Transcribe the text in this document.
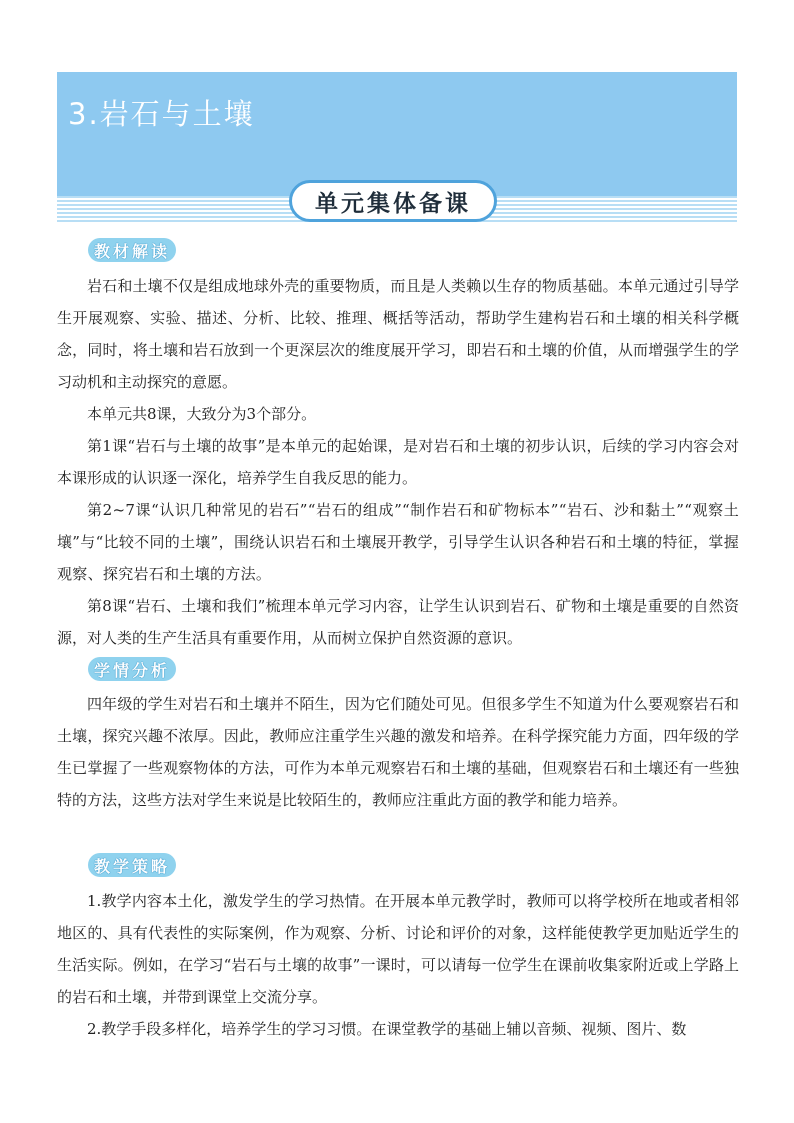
3.岩石与土壤
单元集体备课
教材解读
岩石和土壤不仅是组成地球外壳的重要物质，而且是人类赖以生存的物质基础。本单元通过引导学生开展观察、实验、描述、分析、比较、推理、概括等活动，帮助学生建构岩石和土壤的相关科学概念，同时，将土壤和岩石放到一个更深层次的维度展开学习，即岩石和土壤的价值，从而增强学生的学习动机和主动探究的意愿。
本单元共8课，大致分为3个部分。
第1课“岩石与土壤的故事”是本单元的起始课，是对岩石和土壤的初步认识，后续的学习内容会对本课形成的认识逐一深化，培养学生自我反思的能力。
第2~7课“认识几种常见的岩石”“岩石的组成”“制作岩石和矿物标本”“岩石、沙和黏土”“观察土壤”与“比较不同的土壤”，围绕认识岩石和土壤展开教学，引导学生认识各种岩石和土壤的特征，掌握观察、探究岩石和土壤的方法。
第8课“岩石、土壤和我们”梳理本单元学习内容，让学生认识到岩石、矿物和土壤是重要的自然资源，对人类的生产生活具有重要作用，从而树立保护自然资源的意识。
学情分析
四年级的学生对岩石和土壤并不陌生，因为它们随处可见。但很多学生不知道为什么要观察岩石和土壤，探究兴趣不浓厚。因此，教师应注重学生兴趣的激发和培养。在科学探究能力方面，四年级的学生已掌握了一些观察物体的方法，可作为本单元观察岩石和土壤的基础，但观察岩石和土壤还有一些独特的方法，这些方法对学生来说是比较陌生的，教师应注重此方面的教学和能力培养。
教学策略
1.教学内容本土化，激发学生的学习热情。在开展本单元教学时，教师可以将学校所在地或者相邻地区的、具有代表性的实际案例，作为观察、分析、讨论和评价的对象，这样能使教学更加贴近学生的生活实际。例如，在学习“岩石与土壤的故事”一课时，可以请每一位学生在课前收集家附近或上学路上的岩石和土壤，并带到课堂上交流分享。
2.教学手段多样化，培养学生的学习习惯。在课堂教学的基础上辅以音频、视频、图片、数
